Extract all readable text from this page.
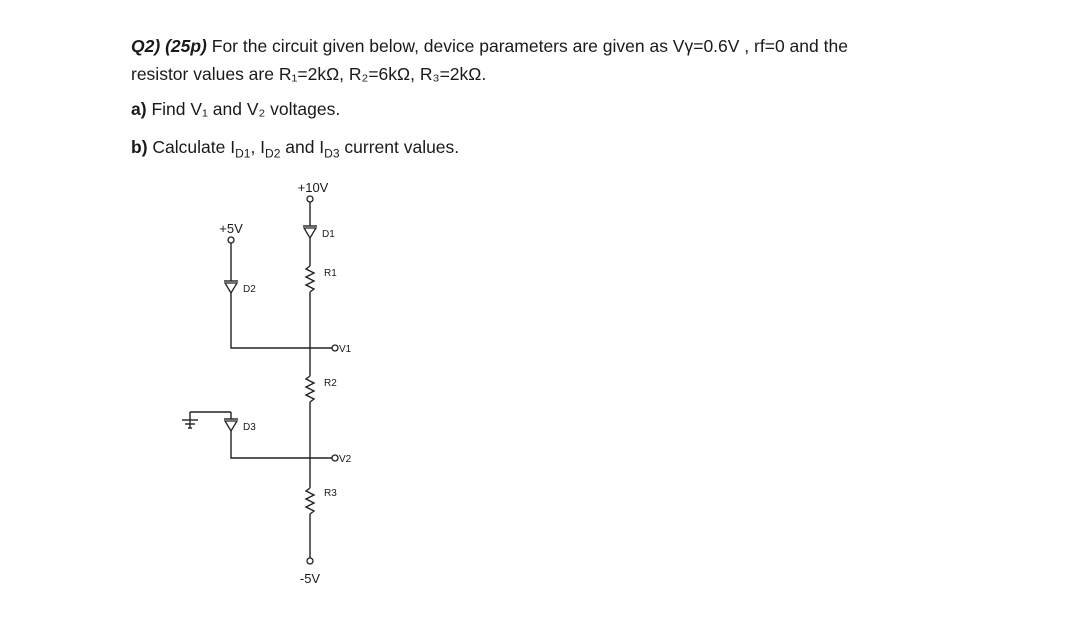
Q2) (25p) For the circuit given below, device parameters are given as Vγ=0.6V , rf=0 and the
resistor values are R₁=2kΩ, R₂=6kΩ, R₃=2kΩ.
a) Find V₁ and V₂ voltages.
b) Calculate $I_{D1}$, $I_{D2}$ and $I_{D3}$ current values.
+10V
D1
R1
V1
R2
V2
R3
-5V
+5V
D2
D3
